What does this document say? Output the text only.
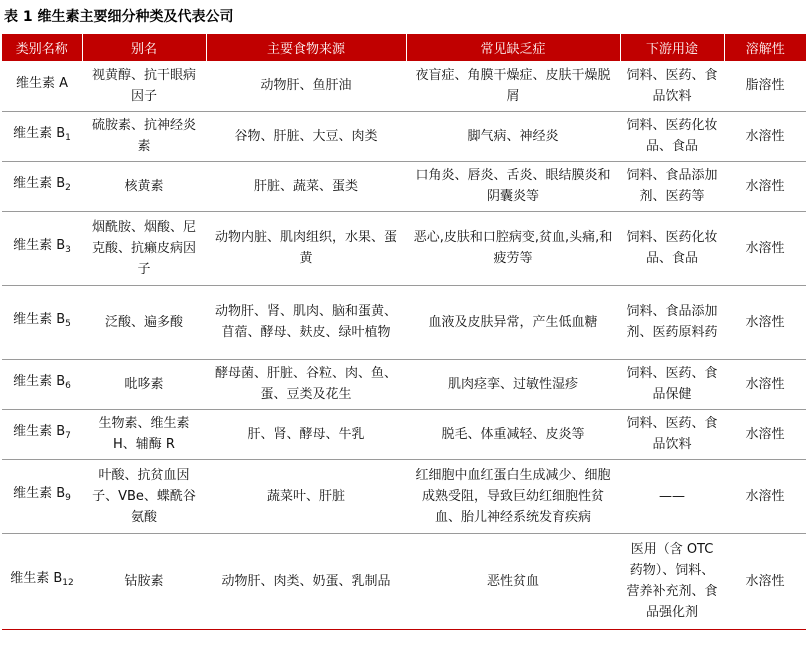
表 1 维生素主要细分种类及代表公司
类别名称	别名	主要食物来源	常见缺乏症	下游用途	溶解性
维生素 A	视黄醇、抗干眼病因子	动物肝、鱼肝油	夜盲症、角膜干燥症、皮肤干燥脱屑	饲料、医药、食品饮料	脂溶性
维生素 $B_1$	硫胺素、抗神经炎素	谷物、肝脏、大豆、肉类	脚气病、神经炎	饲料、医药化妆品、食品	水溶性
维生素 $B_2$	核黄素	肝脏、蔬菜、蛋类	口角炎、唇炎、舌炎、眼结膜炎和阴囊炎等	饲料、食品添加剂、医药等	水溶性
维生素 $B_3$	烟酰胺、烟酸、尼克酸、抗癞皮病因子	动物内脏、肌肉组织，水果、蛋黄	恶心,皮肤和口腔病变,贫血,头痛,和疲劳等	饲料、医药化妆品、食品	水溶性
维生素 $B_5$	泛酸、遍多酸	动物肝、肾、肌肉、脑和蛋黄、苜蓿、酵母、麸皮、绿叶植物	血液及皮肤异常，产生低血糖	饲料、食品添加剂、医药原料药	水溶性
维生素 $B_6$	吡哆素	酵母菌、肝脏、谷粒、肉、鱼、蛋、豆类及花生	肌肉痉挛、过敏性湿疹	饲料、医药、食品保健	水溶性
维生素 $B_7$	生物素、维生素 H、辅酶 R	肝、肾、酵母、牛乳	脱毛、体重减轻、皮炎等	饲料、医药、食品饮料	水溶性
维生素 $B_9$	叶酸、抗贫血因子、VBe、蝶酰谷氨酸	蔬菜叶、肝脏	红细胞中血红蛋白生成减少、细胞成熟受阻，导致巨幼红细胞性贫血、胎儿神经系统发育疾病	——	水溶性
维生素 $B_{12}$	钴胺素	动物肝、肉类、奶蛋、乳制品	恶性贫血	医用（含 OTC 药物）、饲料、营养补充剂、食品强化剂	水溶性
